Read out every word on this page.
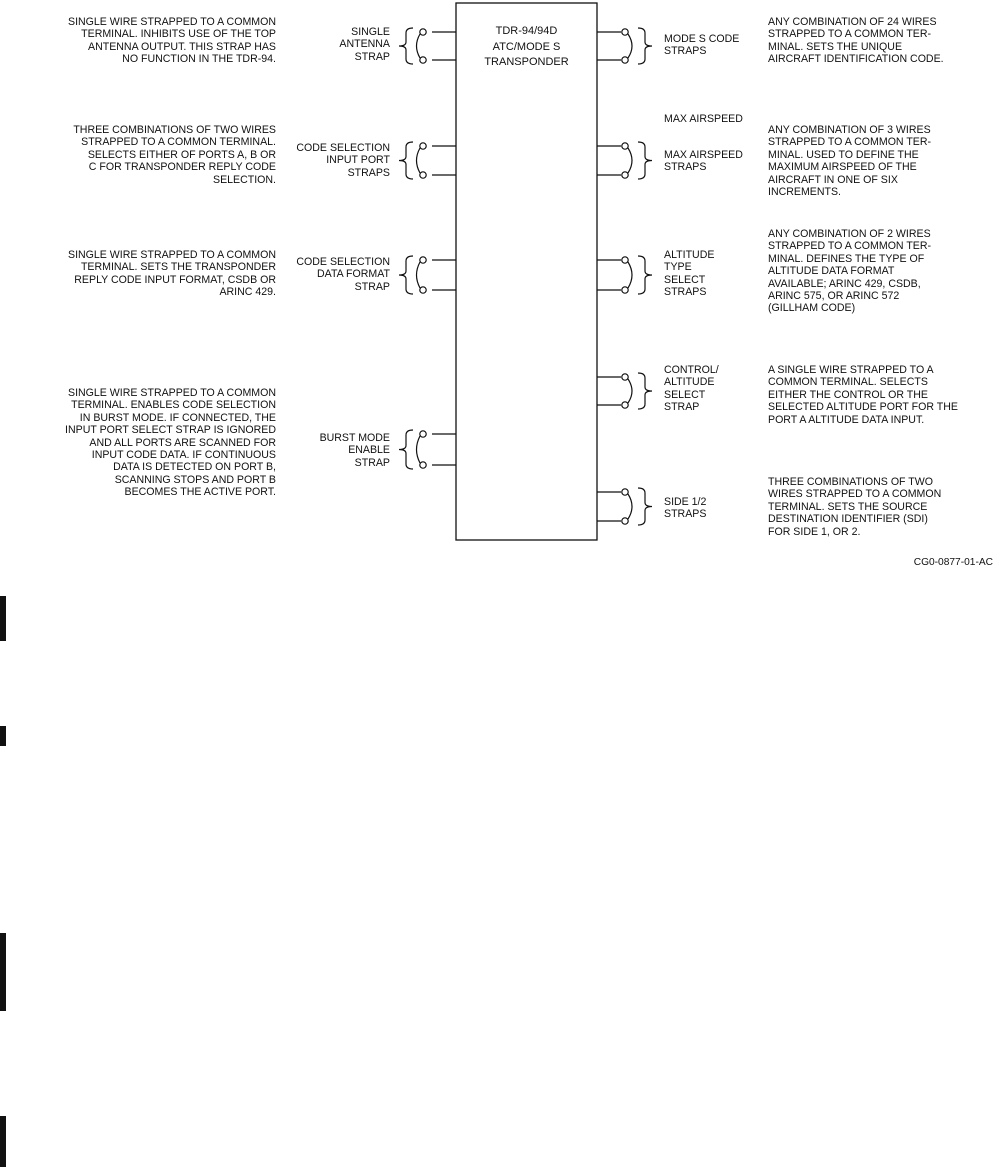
TDR-94/94D
ATC/MODE S
TRANSPONDER
SINGLE WIRE STRAPPED TO A COMMON
TERMINAL. INHIBITS USE OF THE TOP
ANTENNA OUTPUT. THIS STRAP HAS
NO FUNCTION IN THE TDR-94.
SINGLE
ANTENNA
STRAP
THREE COMBINATIONS OF TWO WIRES
STRAPPED TO A COMMON TERMINAL.
SELECTS EITHER OF PORTS A, B OR
C FOR TRANSPONDER REPLY CODE
SELECTION.
CODE SELECTION
INPUT PORT
STRAPS
SINGLE WIRE STRAPPED TO A COMMON
TERMINAL. SETS THE TRANSPONDER
REPLY CODE INPUT FORMAT, CSDB OR
ARINC 429.
CODE SELECTION
DATA FORMAT
STRAP
SINGLE WIRE STRAPPED TO A COMMON
TERMINAL. ENABLES CODE SELECTION
IN BURST MODE. IF CONNECTED, THE
INPUT PORT SELECT STRAP IS IGNORED
AND ALL PORTS ARE SCANNED FOR
INPUT CODE DATA. IF CONTINUOUS
DATA IS DETECTED ON PORT B,
SCANNING STOPS AND PORT B
BECOMES THE ACTIVE PORT.
BURST MODE
ENABLE
STRAP
MODE S CODE
STRAPS
ANY COMBINATION OF 24 WIRES
STRAPPED TO A COMMON TER-
MINAL. SETS THE UNIQUE
AIRCRAFT IDENTIFICATION CODE.
MAX AIRSPEED
MAX AIRSPEED
STRAPS
ANY COMBINATION OF 3 WIRES
STRAPPED TO A COMMON TER-
MINAL. USED TO DEFINE THE
MAXIMUM AIRSPEED OF THE
AIRCRAFT IN ONE OF SIX
INCREMENTS.
ALTITUDE
TYPE
SELECT
STRAPS
ANY COMBINATION OF 2 WIRES
STRAPPED TO A COMMON TER-
MINAL. DEFINES THE TYPE OF
ALTITUDE DATA FORMAT
AVAILABLE; ARINC 429, CSDB,
ARINC 575, OR ARINC 572
(GILLHAM CODE)
CONTROL/
ALTITUDE
SELECT
STRAP
A SINGLE WIRE STRAPPED TO A
COMMON TERMINAL. SELECTS
EITHER THE CONTROL OR THE
SELECTED ALTITUDE PORT FOR THE
PORT A ALTITUDE DATA INPUT.
SIDE 1/2
STRAPS
THREE COMBINATIONS OF TWO
WIRES STRAPPED TO A COMMON
TERMINAL. SETS THE SOURCE
DESTINATION IDENTIFIER (SDI)
FOR SIDE 1, OR 2.
CG0-0877-01-AC
